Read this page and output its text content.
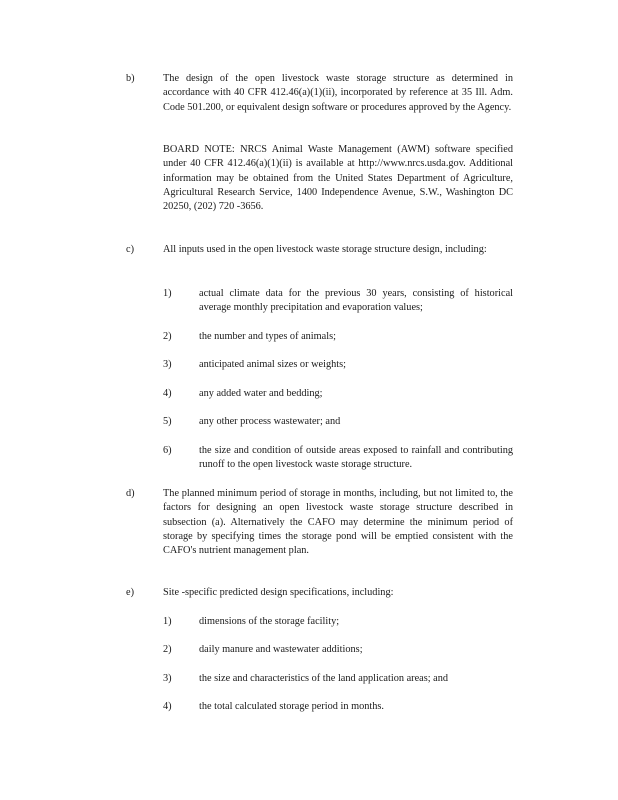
b)	The design of the open livestock waste storage structure as determined in accordance with 40 CFR 412.46(a)(1)(ii), incorporated by reference at 35 Ill. Adm. Code 501.200, or equivalent design software or procedures approved by the Agency.
BOARD NOTE: NRCS Animal Waste Management (AWM) software specified under 40 CFR 412.46(a)(1)(ii) is available at http://www.nrcs.usda.gov. Additional information may be obtained from the United States Department of Agriculture, Agricultural Research Service, 1400 Independence Avenue, S.W., Washington DC 20250, (202) 720 -3656.
c)	All inputs used in the open livestock waste storage structure design, including:
1)	actual climate data for the previous 30 years, consisting of historical average monthly precipitation and evaporation values;
2)	the number and types of animals;
3)	anticipated animal sizes or weights;
4)	any added water and bedding;
5)	any other process wastewater; and
6)	the size and condition of outside areas exposed to rainfall and contributing runoff to the open livestock waste storage structure.
d)	The planned minimum period of storage in months, including, but not limited to, the factors for designing an open livestock waste storage structure described in subsection (a). Alternatively the CAFO may determine the minimum period of storage by specifying times the storage pond will be emptied consistent with the CAFO's nutrient management plan.
e)	Site -specific predicted design specifications, including:
1)	dimensions of the storage facility;
2)	daily manure and wastewater additions;
3)	the size and characteristics of the land application areas; and
4)	the total calculated storage period in months.
